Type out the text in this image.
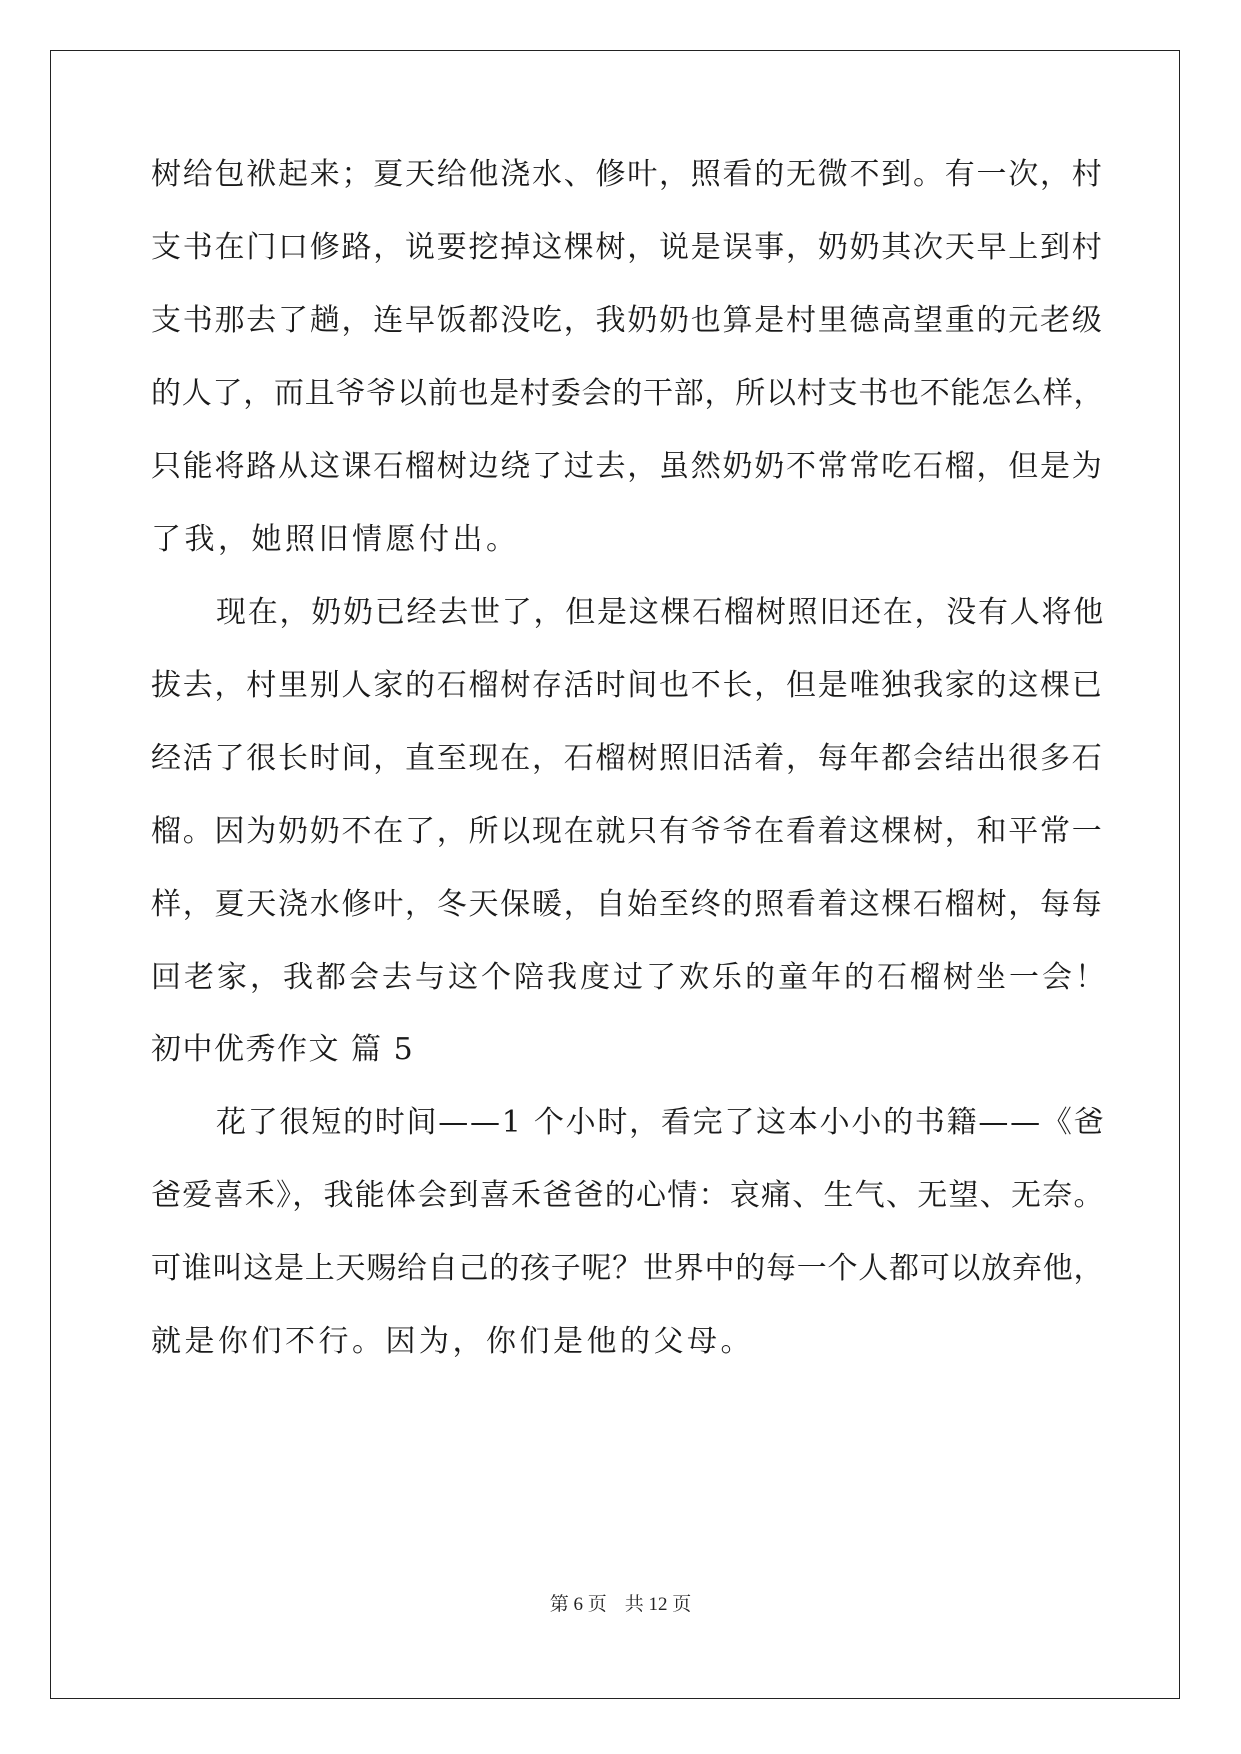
树给包袱起来；夏天给他浇水、修叶，照看的无微不到。有一次，村
支书在门口修路，说要挖掉这棵树，说是误事，奶奶其次天早上到村
支书那去了趟，连早饭都没吃，我奶奶也算是村里德高望重的元老级
的人了，而且爷爷以前也是村委会的干部，所以村支书也不能怎么样，
只能将路从这课石榴树边绕了过去，虽然奶奶不常常吃石榴，但是为
了我，她照旧情愿付出。
现在，奶奶已经去世了，但是这棵石榴树照旧还在，没有人将他
拔去，村里别人家的石榴树存活时间也不长，但是唯独我家的这棵已
经活了很长时间，直至现在，石榴树照旧活着，每年都会结出很多石
榴。因为奶奶不在了，所以现在就只有爷爷在看着这棵树，和平常一
样，夏天浇水修叶，冬天保暖，自始至终的照看着这棵石榴树，每每
回老家，我都会去与这个陪我度过了欢乐的童年的石榴树坐一会！
初中优秀作文 篇 5
花了很短的时间——1 个小时，看完了这本小小的书籍——《爸
爸爱喜禾》，我能体会到喜禾爸爸的心情：哀痛、生气、无望、无奈。
可谁叫这是上天赐给自己的孩子呢？世界中的每一个人都可以放弃他，
就是你们不行。因为，你们是他的父母。
第 6 页 共 12 页
